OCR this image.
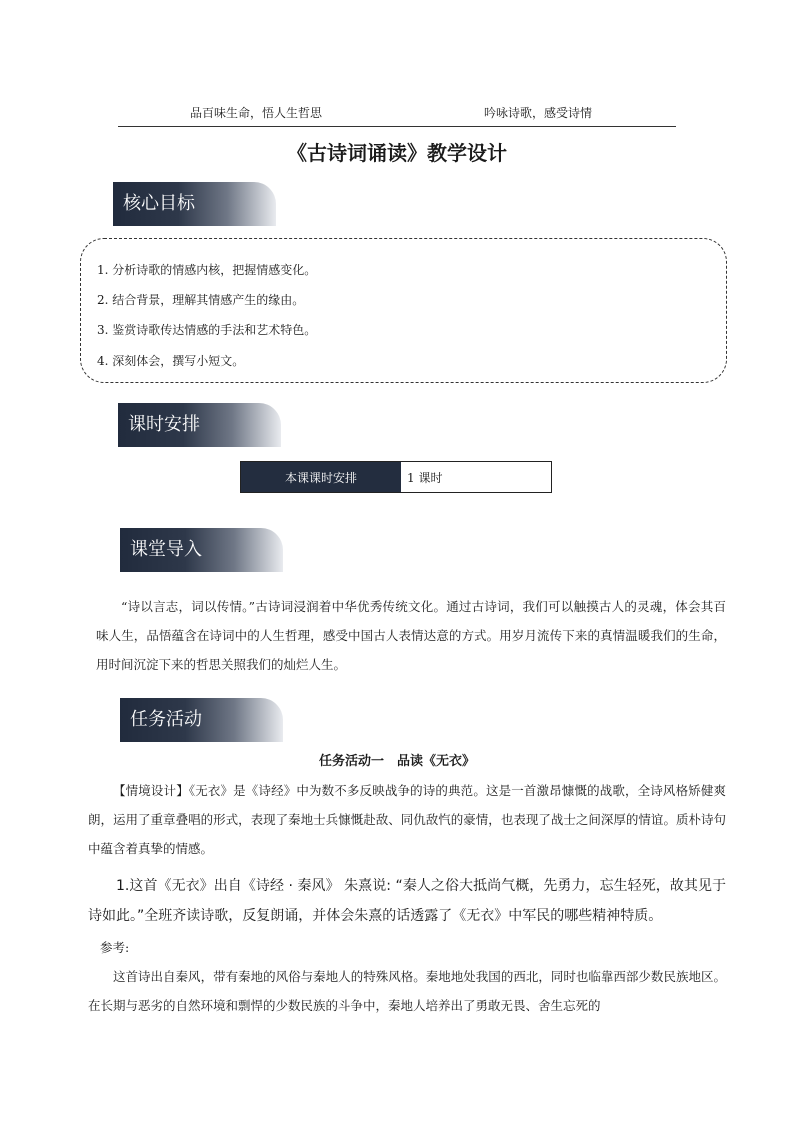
品百味生命，悟人生哲思	吟咏诗歌，感受诗情
《古诗词诵读》教学设计
核心目标
1. 分析诗歌的情感内核，把握情感变化。
2. 结合背景，理解其情感产生的缘由。
3. 鉴赏诗歌传达情感的手法和艺术特色。
4. 深刻体会，撰写小短文。
课时安排
本课课时安排	1 课时
课堂导入

“诗以言志，词以传情。”古诗词浸润着中华优秀传统文化。通过古诗词，我们可以触摸古人的灵魂，体会其百味人生，品悟蕴含在诗词中的人生哲理，感受中国古人表情达意的方式。用岁月流传下来的真情温暖我们的生命，用时间沉淀下来的哲思关照我们的灿烂人生。

任务活动
任务活动一　品读《无衣》

【情境设计】《无衣》是《诗经》中为数不多反映战争的诗的典范。这是一首激昂慷慨的战歌，全诗风格矫健爽朗，运用了重章叠唱的形式，表现了秦地士兵慷慨赴敌、同仇敌忾的豪情，也表现了战士之间深厚的情谊。质朴诗句中蕴含着真挚的情感。

1.这首《无衣》出自《诗经 · 秦风》 朱熹说: “秦人之俗大抵尚气概，先勇力，忘生轻死，故其见于诗如此。”全班齐读诗歌，反复朗诵，并体会朱熹的话透露了《无衣》中军民的哪些精神特质。

参考:

这首诗出自秦风，带有秦地的风俗与秦地人的特殊风格。秦地地处我国的西北，同时也临靠西部少数民族地区。在长期与恶劣的自然环境和剽悍的少数民族的斗争中，秦地人培养出了勇敢无畏、舍生忘死的
